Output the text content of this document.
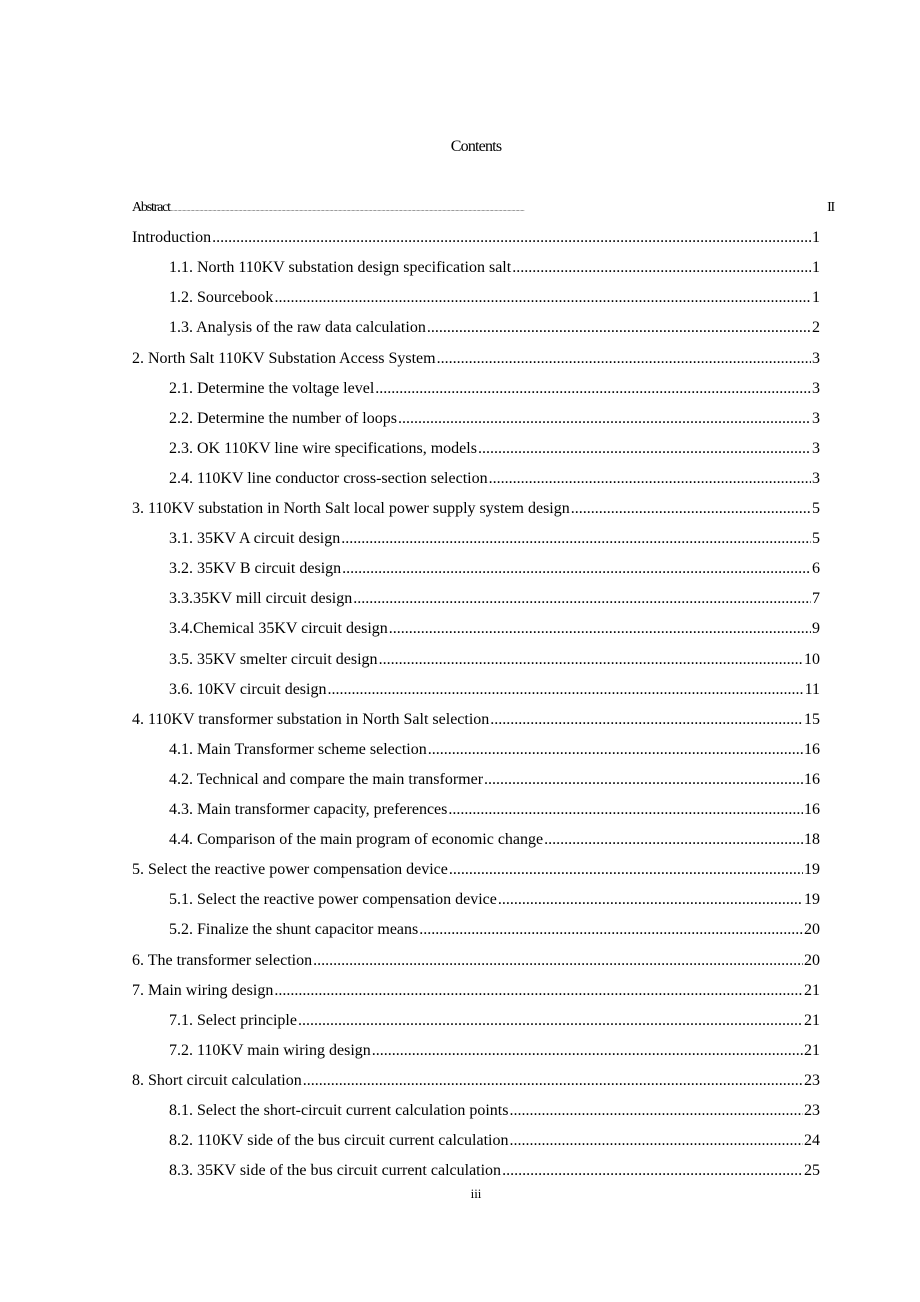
Contents
Abstract .....	II
Introduction .....	1
1.1. North 110KV substation design specification salt .....	1
1.2. Sourcebook .....	1
1.3. Analysis of the raw data calculation .....	2
2. North Salt 110KV Substation Access System .....	3
2.1. Determine the voltage level .....	3
2.2. Determine the number of loops .....	3
2.3. OK 110KV line wire specifications, models .....	3
2.4. 110KV line conductor cross-section selection .....	3
3. 110KV substation in North Salt local power supply system design .....	5
3.1. 35KV A circuit design .....	5
3.2. 35KV B circuit design .....	6
3.3.35KV mill circuit design .....	7
3.4.Chemical 35KV circuit design .....	9
3.5. 35KV smelter circuit design .....	10
3.6. 10KV circuit design .....	11
4. 110KV transformer substation in North Salt selection .....	15
4.1. Main Transformer scheme selection .....	16
4.2. Technical and compare the main transformer .....	16
4.3. Main transformer capacity, preferences .....	16
4.4. Comparison of the main program of economic change .....	18
5. Select the reactive power compensation device .....	19
5.1. Select the reactive power compensation device .....	19
5.2. Finalize the shunt capacitor means .....	20
6. The transformer selection .....	20
7. Main wiring design .....	21
7.1. Select principle .....	21
7.2. 110KV main wiring design .....	21
8. Short circuit calculation .....	23
8.1. Select the short-circuit current calculation points .....	23
8.2. 110KV side of the bus circuit current calculation .....	24
8.3. 35KV side of the bus circuit current calculation .....	25
iii
